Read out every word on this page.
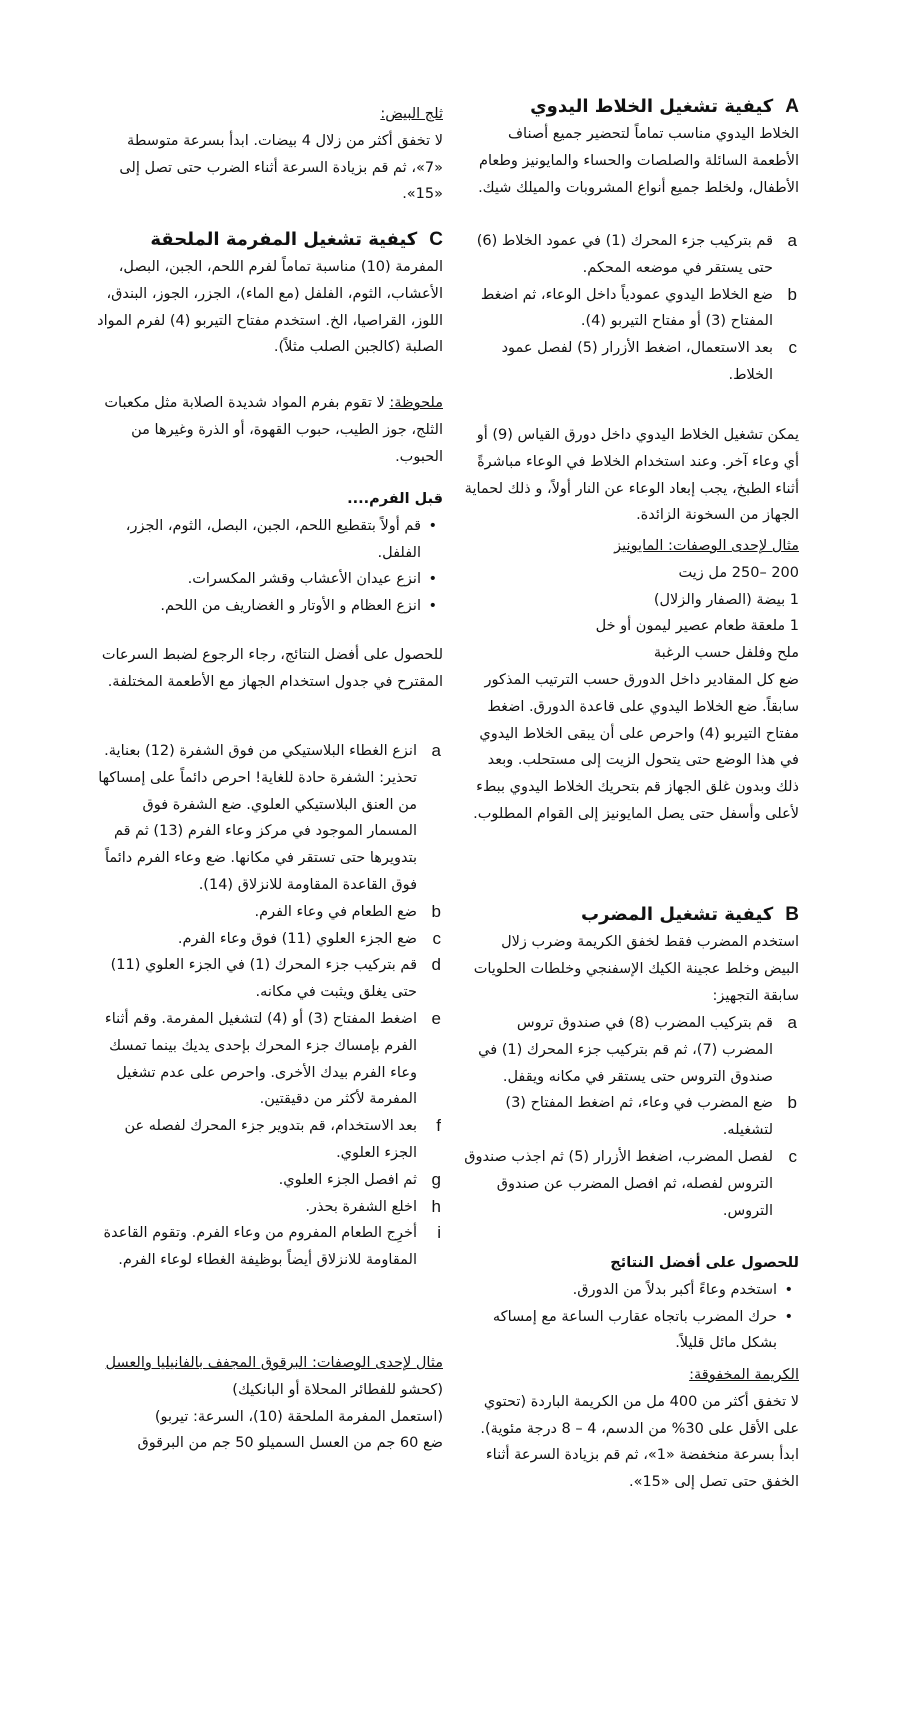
Aكيفية تشغيل الخلاط اليدوي

الخلاط اليدوي مناسب تماماً لتحضير جميع أصناف الأطعمة السائلة والصلصات والحساء والمايونيز وطعام الأطفال، ولخلط جميع أنواع المشروبات والميلك شيك.

a
قم بتركيب جزء المحرك (1) في عمود الخلاط (6) حتى يستقر في موضعه المحكم.
b
ضع الخلاط اليدوي عمودياً داخل الوعاء، ثم اضغط المفتاح (3) أو مفتاح التيربو (4).
c
بعد الاستعمال، اضغط الأزرار (5) لفصل عمود الخلاط.

يمكن تشغيل الخلاط اليدوي داخل دورق القياس (9) أو أي وعاء آخر. وعند استخدام الخلاط في الوعاء مباشرةً أثناء الطبخ، يجب إبعاد الوعاء عن النار أولاً، و ذلك لحماية الجهاز من السخونة الزائدة.

مثال لإحدى الوصفات: المايونيز

200 –250 مل زيت

1 بيضة (الصفار والزلال)

1 ملعقة طعام عصير ليمون أو خل

ملح وفلفل حسب الرغبة

ضع كل المقادير داخل الدورق حسب الترتيب المذكور سابقاً. ضع الخلاط اليدوي على قاعدة الدورق. اضغط مفتاح التيربو (4) واحرص على أن يبقى الخلاط اليدوي في هذا الوضع حتى يتحول الزيت إلى مستحلب. وبعد ذلك وبدون غلق الجهاز قم بتحريك الخلاط اليدوي ببطء لأعلى وأسفل حتى يصل المايونيز إلى القوام المطلوب.

Bكيفية تشغيل المضرب

استخدم المضرب فقط لخفق الكريمة وضرب زلال البيض وخلط عجينة الكيك الإسفنجي وخلطات الحلويات سابقة التجهيز:

a
قم بتركيب المضرب (8) في صندوق تروس المضرب (7)، ثم قم بتركيب جزء المحرك (1) في صندوق التروس حتى يستقر في مكانه ويقفل.
b
ضع المضرب في وعاء، ثم اضغط المفتاح (3) لتشغيله.
c
لفصل المضرب، اضغط الأزرار (5) ثم اجذب صندوق التروس لفصله، ثم افصل المضرب عن صندوق التروس.

للحصول على أفضل النتائج

•
استخدم وعاءً أكبر بدلاً من الدورق.
•
حرك المضرب باتجاه عقارب الساعة مع إمساكه بشكل مائل قليلاً.

الكريمة المخفوقة:

لا تخفق أكثر من 400 مل من الكريمة الباردة (تحتوي على الأقل على 30% من الدسم، 4 – 8 درجة مئوية). ابدأ بسرعة منخفضة «1»، ثم قم بزيادة السرعة أثناء الخفق حتى تصل إلى «15».

ثلج البيض:

لا تخفق أكثر من زلال 4 بيضات. ابدأ بسرعة متوسطة «7»، ثم قم بزيادة السرعة أثناء الضرب حتى تصل إلى «15».

Cكيفية تشغيل المفرمة الملحقة

المفرمة (10) مناسبة تماماً لفرم اللحم، الجبن، البصل، الأعشاب، الثوم، الفلفل (مع الماء)، الجزر، الجوز، البندق، اللوز، القراصيا، الخ. استخدم مفتاح التيربو (4) لفرم المواد الصلبة (كالجبن الصلب مثلاً).

ملحوظة: لا تقوم بفرم المواد شديدة الصلابة مثل مكعبات الثلج، جوز الطيب، حبوب القهوة، أو الذرة وغيرها من الحبوب.

قبل الفرم....

•
قم أولاً بتقطيع اللحم، الجبن، البصل، الثوم، الجزر، الفلفل.
•
انزع عيدان الأعشاب وقشر المكسرات.
•
انزع العظام و الأوتار و الغضاريف من اللحم.

للحصول على أفضل النتائج، رجاء الرجوع لضبط السرعات المقترح في جدول استخدام الجهاز مع الأطعمة المختلفة.

a
انزع الغطاء البلاستيكي من فوق الشفرة (12) بعناية. تحذير: الشفرة حادة للغاية! احرص دائماً على إمساكها من العنق البلاستيكي العلوي. ضع الشفرة فوق المسمار الموجود في مركز وعاء الفرم (13) ثم قم بتدويرها حتى تستقر في مكانها. ضع وعاء الفرم دائماً فوق القاعدة المقاومة للانزلاق (14).
b
ضع الطعام في وعاء الفرم.
c
ضع الجزء العلوي (11) فوق وعاء الفرم.
d
قم بتركيب جزء المحرك (1) في الجزء العلوي (11) حتى يغلق ويثبت في مكانه.
e
اضغط المفتاح (3) أو (4) لتشغيل المفرمة. وقم أثناء الفرم بإمساك جزء المحرك بإحدى يديك بينما تمسك وعاء الفرم بيدك الأخرى. واحرص على عدم تشغيل المفرمة لأكثر من دقيقتين.
f
بعد الاستخدام، قم بتدوير جزء المحرك لفصله عن الجزء العلوي.
g
ثم افصل الجزء العلوي.
h
اخلع الشفرة بحذر.
i
أخرِج الطعام المفروم من وعاء الفرم. وتقوم القاعدة المقاومة للانزلاق أيضاً بوظيفة الغطاء لوعاء الفرم.

مثال لإحدى الوصفات: البرقوق المجفف بالفانيليا والعسل (كحشو للفطائر المحلاة أو البانكيك)

(استعمل المفرمة الملحقة (10)، السرعة: تيربو)

ضع 60 جم من العسل السميلو 50 جم من البرقوق
